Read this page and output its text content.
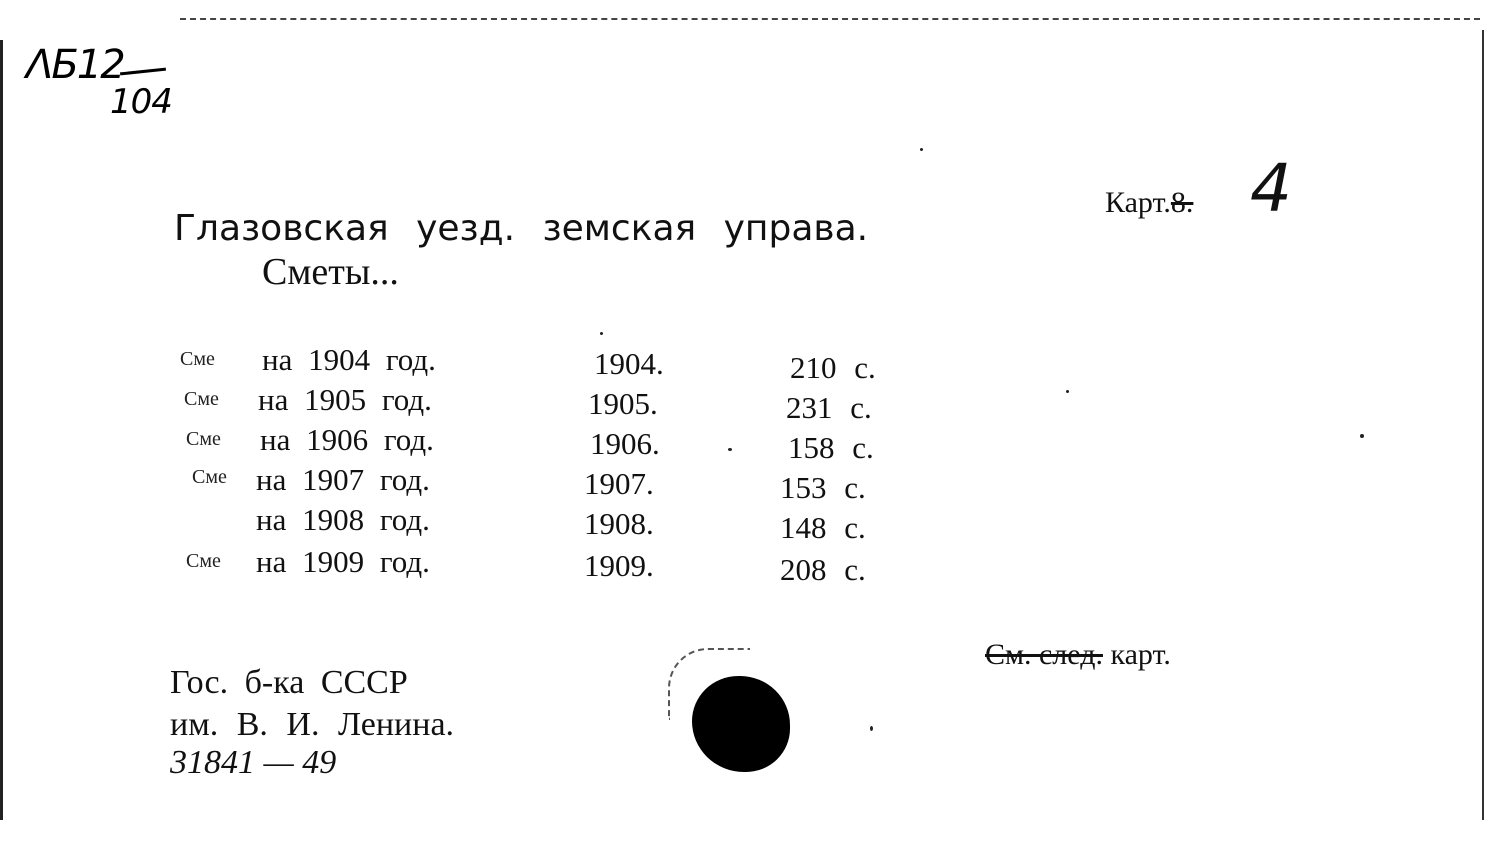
ΛБ12
104
Карт.8. 4
Глазовская уезд. земская управа.
Сметы...
Сме на 1904 год.	1904.	210 с.
Сме на 1905 год.	1905.	231 с.
Сме на 1906 год.	1906.	158 с.
Сме на 1907 год.	1907.	153 с.
на 1908 год.	1908.	148 с.
Сме на 1909 год.	1909.	208 с.
См. след. карт.
Гос. б-ка СССР
им. В. И. Ленина.
31841 — 49
